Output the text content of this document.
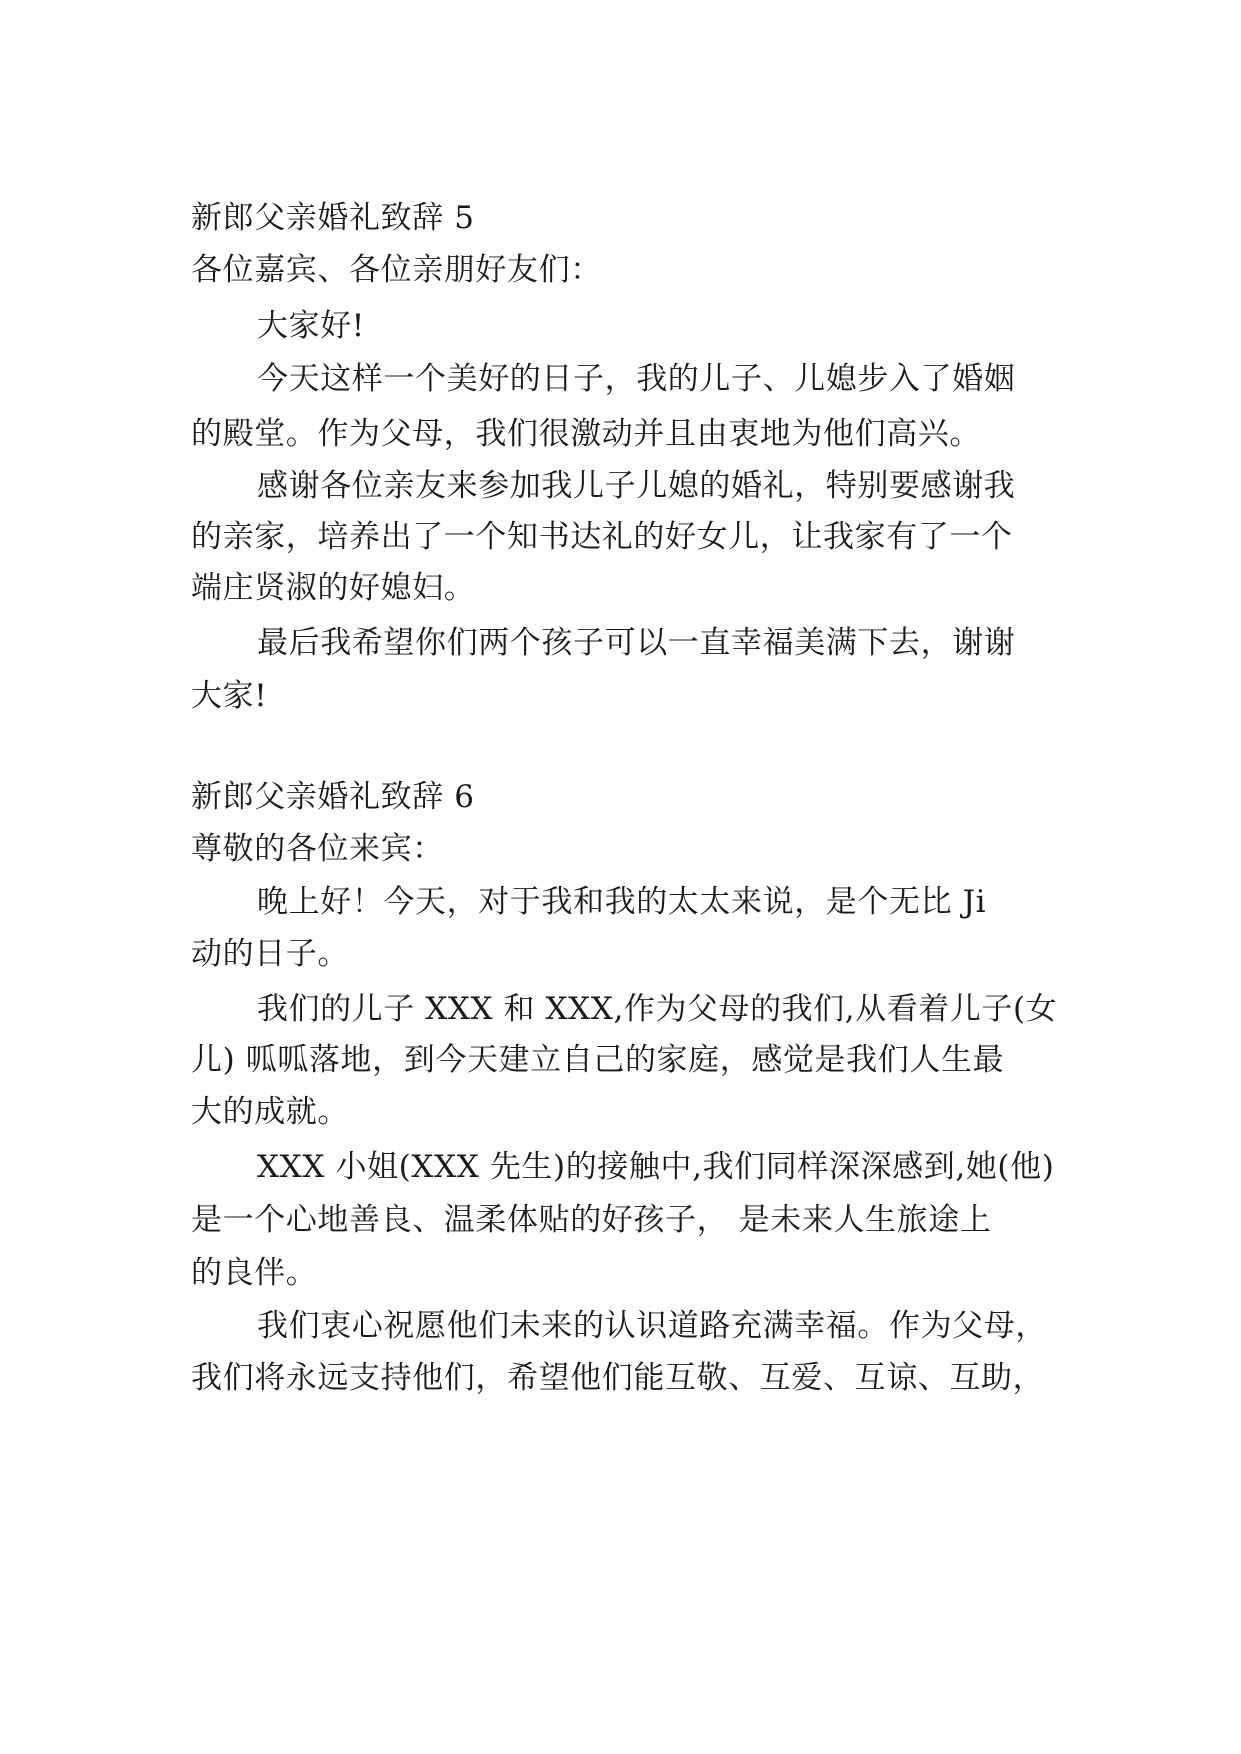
新郎父亲婚礼致辞 5
各位嘉宾、各位亲朋好友们：
大家好!
今天这样一个美好的日子，我的儿子、儿媳步入了婚姻
的殿堂。作为父母，我们很激动并且由衷地为他们高兴。
感谢各位亲友来参加我儿子儿媳的婚礼，特别要感谢我
的亲家，培养出了一个知书达礼的好女儿，让我家有了一个
端庄贤淑的好媳妇。
最后我希望你们两个孩子可以一直幸福美满下去，谢谢
大家!
新郎父亲婚礼致辞 6
尊敬的各位来宾：
晚上好！今天，对于我和我的太太来说，是个无比 Ji
动的日子。
我们的儿子 XXX 和 XXX,作为父母的我们,从看着儿子(女
儿) 呱呱落地，到今天建立自己的家庭，感觉是我们人生最
大的成就。
XXX 小姐(XXX 先生)的接触中,我们同样深深感到,她(他)
是一个心地善良、温柔体贴的好孩子， 是未来人生旅途上
的良伴。
我们衷心祝愿他们未来的认识道路充满幸福。作为父母，
我们将永远支持他们，希望他们能互敬、互爱、互谅、互助，
